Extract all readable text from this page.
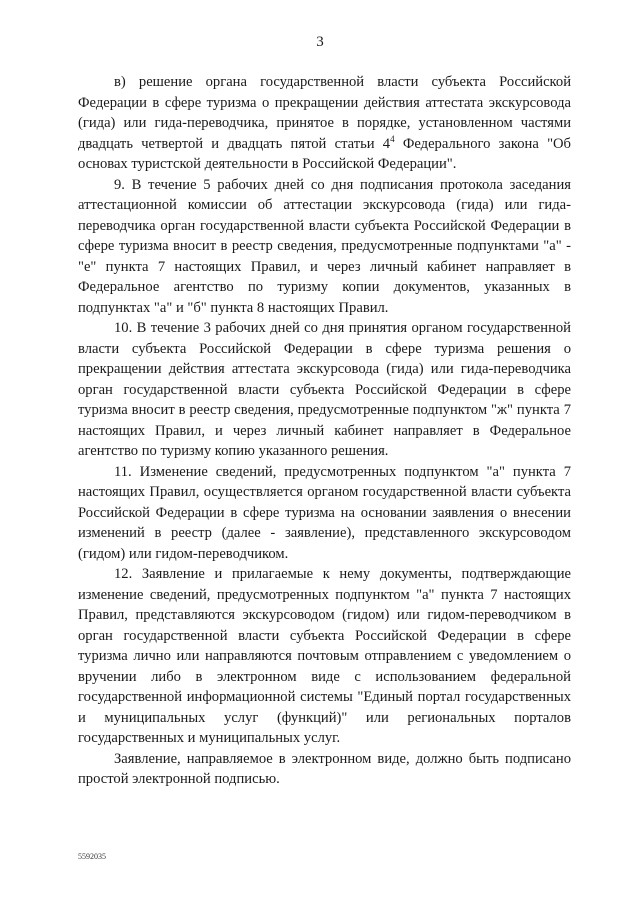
3

в) решение органа государственной власти субъекта Российской Федерации в сфере туризма о прекращении действия аттестата экскурсовода (гида) или гида-переводчика, принятое в порядке, установленном частями двадцать четвертой и двадцать пятой статьи $4^4$ Федерального закона "Об основах туристской деятельности в Российской Федерации".

9. В течение 5 рабочих дней со дня подписания протокола заседания аттестационной комиссии об аттестации экскурсовода (гида) или гида-переводчика орган государственной власти субъекта Российской Федерации в сфере туризма вносит в реестр сведения, предусмотренные подпунктами "а" - "е" пункта 7 настоящих Правил, и через личный кабинет направляет в Федеральное агентство по туризму копии документов, указанных в подпунктах "а" и "б" пункта 8 настоящих Правил.

10. В течение 3 рабочих дней со дня принятия органом государственной власти субъекта Российской Федерации в сфере туризма решения о прекращении действия аттестата экскурсовода (гида) или гида-переводчика орган государственной власти субъекта Российской Федерации в сфере туризма вносит в реестр сведения, предусмотренные подпунктом "ж" пункта 7 настоящих Правил, и через личный кабинет направляет в Федеральное агентство по туризму копию указанного решения.

11. Изменение сведений, предусмотренных подпунктом "а" пункта 7 настоящих Правил, осуществляется органом государственной власти субъекта Российской Федерации в сфере туризма на основании заявления о внесении изменений в реестр (далее - заявление), представленного экскурсоводом (гидом) или гидом-переводчиком.

12. Заявление и прилагаемые к нему документы, подтверждающие изменение сведений, предусмотренных подпунктом "а" пункта 7 настоящих Правил, представляются экскурсоводом (гидом) или гидом-переводчиком в орган государственной власти субъекта Российской Федерации в сфере туризма лично или направляются почтовым отправлением с уведомлением о вручении либо в электронном виде с использованием федеральной государственной информационной системы "Единый портал государственных и муниципальных услуг (функций)" или региональных порталов государственных и муниципальных услуг.

Заявление, направляемое в электронном виде, должно быть подписано простой электронной подписью.

5592035
